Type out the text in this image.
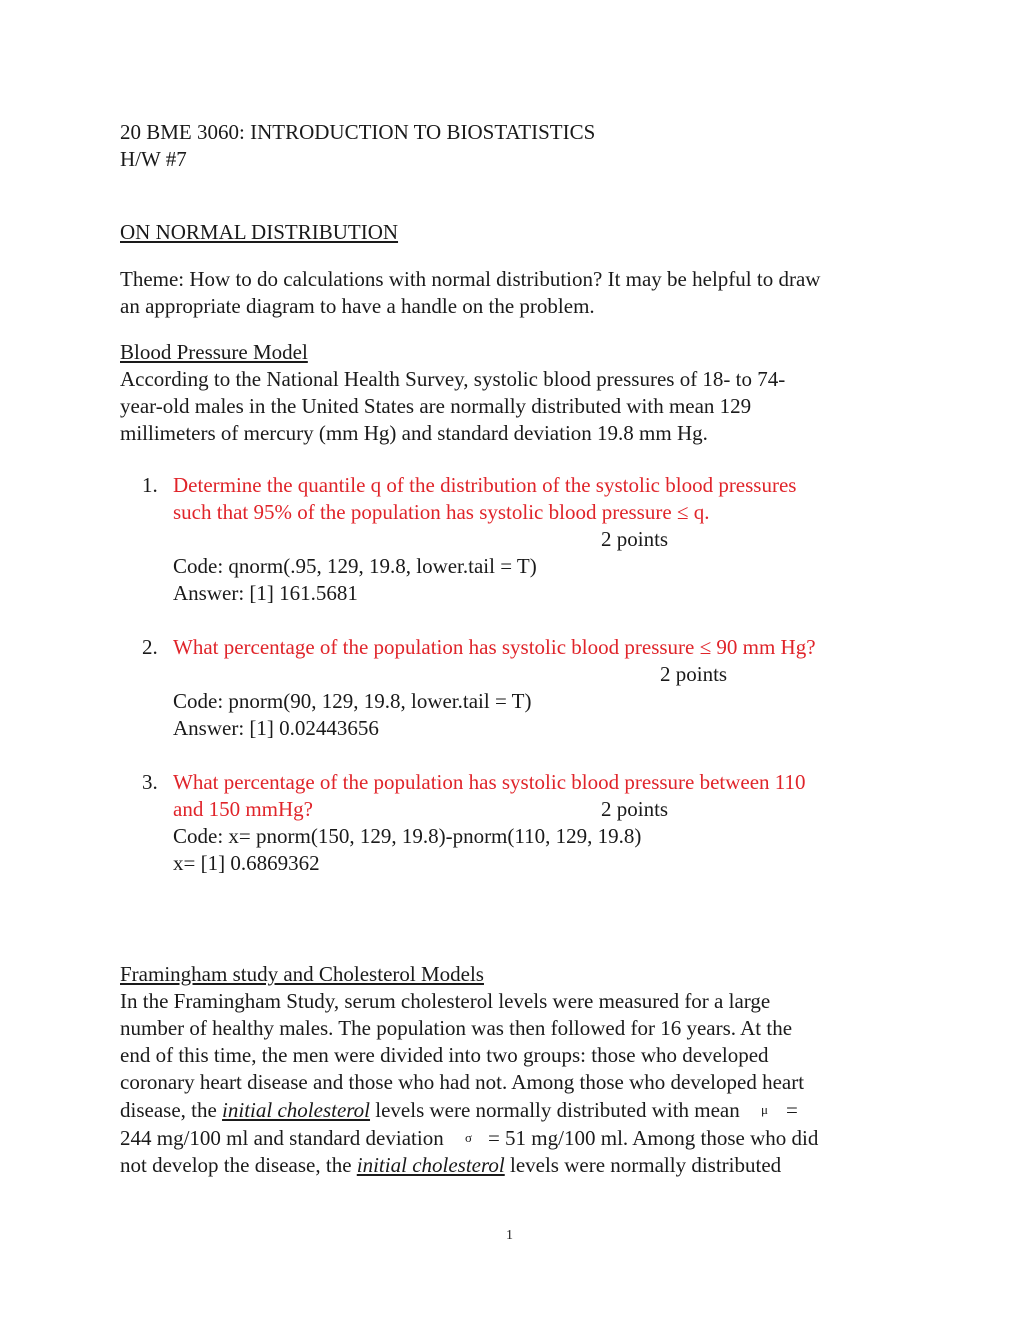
20 BME 3060: INTRODUCTION TO BIOSTATISTICS

H/W #7

ON NORMAL DISTRIBUTION

Theme: How to do calculations with normal distribution? It may be helpful to draw
an appropriate diagram to have a handle on the problem.

Blood Pressure Model

According to the National Health Survey, systolic blood pressures of 18- to 74-
year-old males in the United States are normally distributed with mean 129
millimeters of mercury (mm Hg) and standard deviation 19.8 mm Hg.

1. Determine the quantile q of the distribution of the systolic blood pressures
such that 95% of the population has systolic blood pressure ≤ q.
2 points
Code: qnorm(.95, 129, 19.8, lower.tail = T)
Answer: [1] 161.5681
2. What percentage of the population has systolic blood pressure ≤ 90 mm Hg?
2 points
Code: pnorm(90, 129, 19.8, lower.tail = T)
Answer: [1] 0.02443656
3. What percentage of the population has systolic blood pressure between 110
and 150 mmHg?	2 points
Code: x= pnorm(150, 129, 19.8)-pnorm(110, 129, 19.8)
x= [1] 0.6869362

Framingham study and Cholesterol Models

In the Framingham Study, serum cholesterol levels were measured for a large
number of healthy males. The population was then followed for 16 years. At the
end of this time, the men were divided into two groups: those who developed
coronary heart disease and those who had not. Among those who developed heart
disease, the initial cholesterol levels were normally distributed with mean μ =
244 mg/100 ml and standard deviation σ = 51 mg/100 ml. Among those who did
not develop the disease, the initial cholesterol levels were normally distributed

1
